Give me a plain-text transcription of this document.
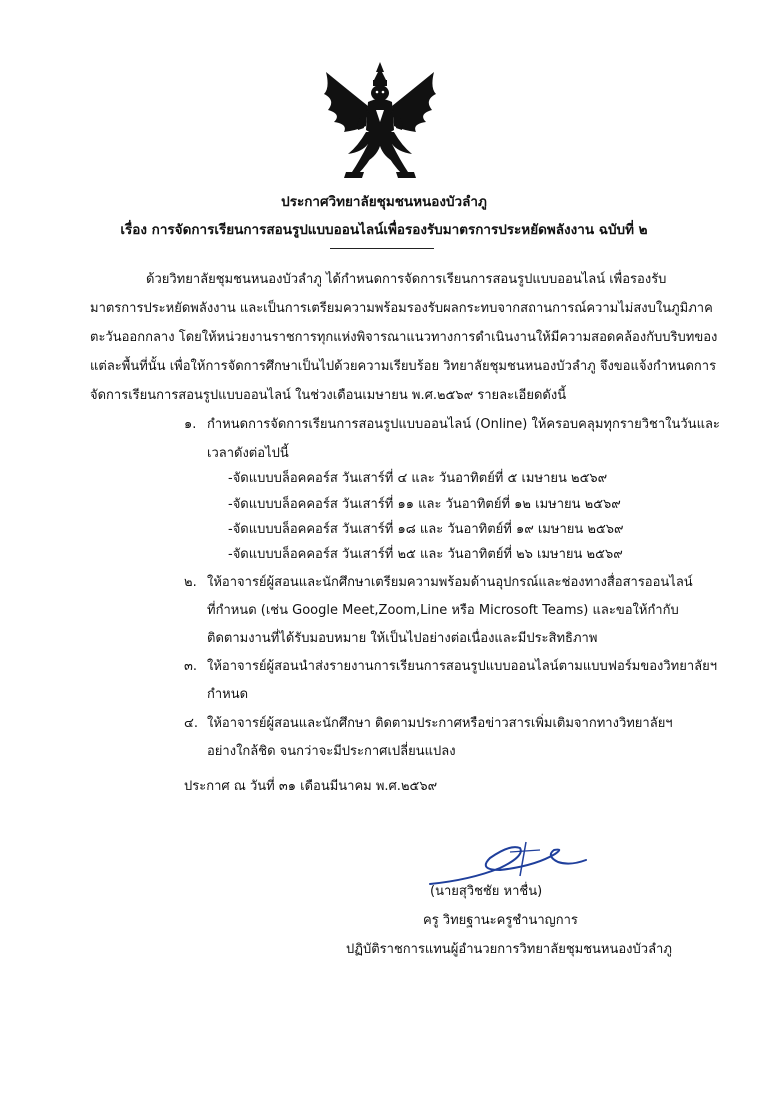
ประกาศวิทยาลัยชุมชนหนองบัวลำภู
เรื่อง การจัดการเรียนการสอนรูปแบบออนไลน์เพื่อรองรับมาตรการประหยัดพลังงาน ฉบับที่ ๒
ด้วยวิทยาลัยชุมชนหนองบัวลำภู ได้กำหนดการจัดการเรียนการสอนรูปแบบออนไลน์ เพื่อรองรับ
มาตรการประหยัดพลังงาน และเป็นการเตรียมความพร้อมรองรับผลกระทบจากสถานการณ์ความไม่สงบในภูมิภาค
ตะวันออกกลาง โดยให้หน่วยงานราชการทุกแห่งพิจารณาแนวทางการดำเนินงานให้มีความสอดคล้องกับบริบทของ
แต่ละพื้นที่นั้น เพื่อให้การจัดการศึกษาเป็นไปด้วยความเรียบร้อย วิทยาลัยชุมชนหนองบัวลำภู จึงขอแจ้งกำหนดการ
จัดการเรียนการสอนรูปแบบออนไลน์ ในช่วงเดือนเมษายน พ.ศ.๒๕๖๙ รายละเอียดดังนี้
๑. กำหนดการจัดการเรียนการสอนรูปแบบออนไลน์ (Online) ให้ครอบคลุมทุกรายวิชาในวันและ
เวลาดังต่อไปนี้
-จัดแบบบล็อคคอร์ส วันเสาร์ที่ ๔ และ วันอาทิตย์ที่ ๕ เมษายน ๒๕๖๙
-จัดแบบบล็อคคอร์ส วันเสาร์ที่ ๑๑ และ วันอาทิตย์ที่ ๑๒ เมษายน ๒๕๖๙
-จัดแบบบล็อคคอร์ส วันเสาร์ที่ ๑๘ และ วันอาทิตย์ที่ ๑๙ เมษายน ๒๕๖๙
-จัดแบบบล็อคคอร์ส วันเสาร์ที่ ๒๕ และ วันอาทิตย์ที่ ๒๖ เมษายน ๒๕๖๙
๒. ให้อาจารย์ผู้สอนและนักศึกษาเตรียมความพร้อมด้านอุปกรณ์และช่องทางสื่อสารออนไลน์
ที่กำหนด (เช่น Google Meet,Zoom,Line หรือ Microsoft Teams) และขอให้กำกับ
ติดตามงานที่ได้รับมอบหมาย ให้เป็นไปอย่างต่อเนื่องและมีประสิทธิภาพ
๓. ให้อาจารย์ผู้สอนนำส่งรายงานการเรียนการสอนรูปแบบออนไลน์ตามแบบฟอร์มของวิทยาลัยฯ
กำหนด
๔. ให้อาจารย์ผู้สอนและนักศึกษา ติดตามประกาศหรือข่าวสารเพิ่มเติมจากทางวิทยาลัยฯ
อย่างใกล้ชิด จนกว่าจะมีประกาศเปลี่ยนแปลง
ประกาศ ณ วันที่ ๓๑ เดือนมีนาคม พ.ศ.๒๕๖๙
(นายสุวิชชัย หาชื่น)
ครู วิทยฐานะครูชำนาญการ
ปฏิบัติราชการแทนผู้อำนวยการวิทยาลัยชุมชนหนองบัวลำภู
